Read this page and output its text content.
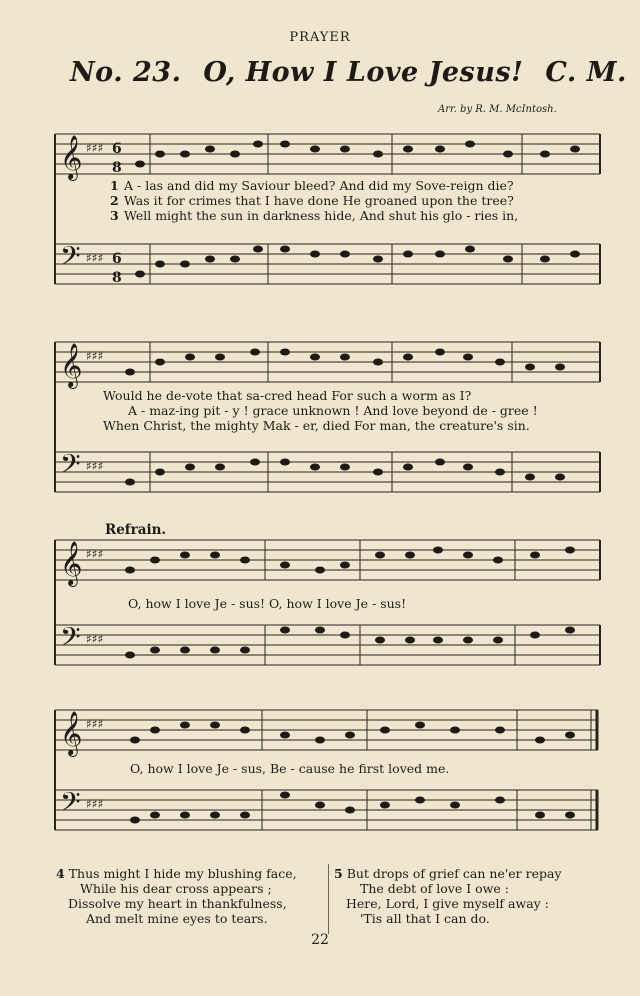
PRAYER
No. 23. O, How I Love Jesus! C. M.
Arr. by R. M. McIntosh.
𝄞
𝄢
♯♯♯
♯♯♯
6
8
6
8
1 A - las and did my Saviour bleed? And did my Sove-reign die?
2 Was it for crimes that I have done He groaned upon the tree?
3 Well might the sun in darkness hide, And shut his glo - ries in,
𝄞
𝄢
♯♯♯
♯♯♯
Would he de-vote that sa-cred head For such a worm as I?
A - maz-ing pit - y ! grace unknown ! And love beyond de - gree !
When Christ, the mighty Mak - er, died For man, the creature's sin.
Refrain.
𝄞
𝄢
♯♯♯
♯♯♯
O, how I love Je - sus! O, how I love Je - sus!
𝄞
𝄢
♯♯♯
♯♯♯
O, how I love Je - sus, Be - cause he first loved me.
4 Thus might I hide my blushing face,
While his dear cross appears ;
Dissolve my heart in thankfulness,
And melt mine eyes to tears.
5 But drops of grief can ne'er repay
The debt of love I owe :
Here, Lord, I give myself away :
'Tis all that I can do.
22
